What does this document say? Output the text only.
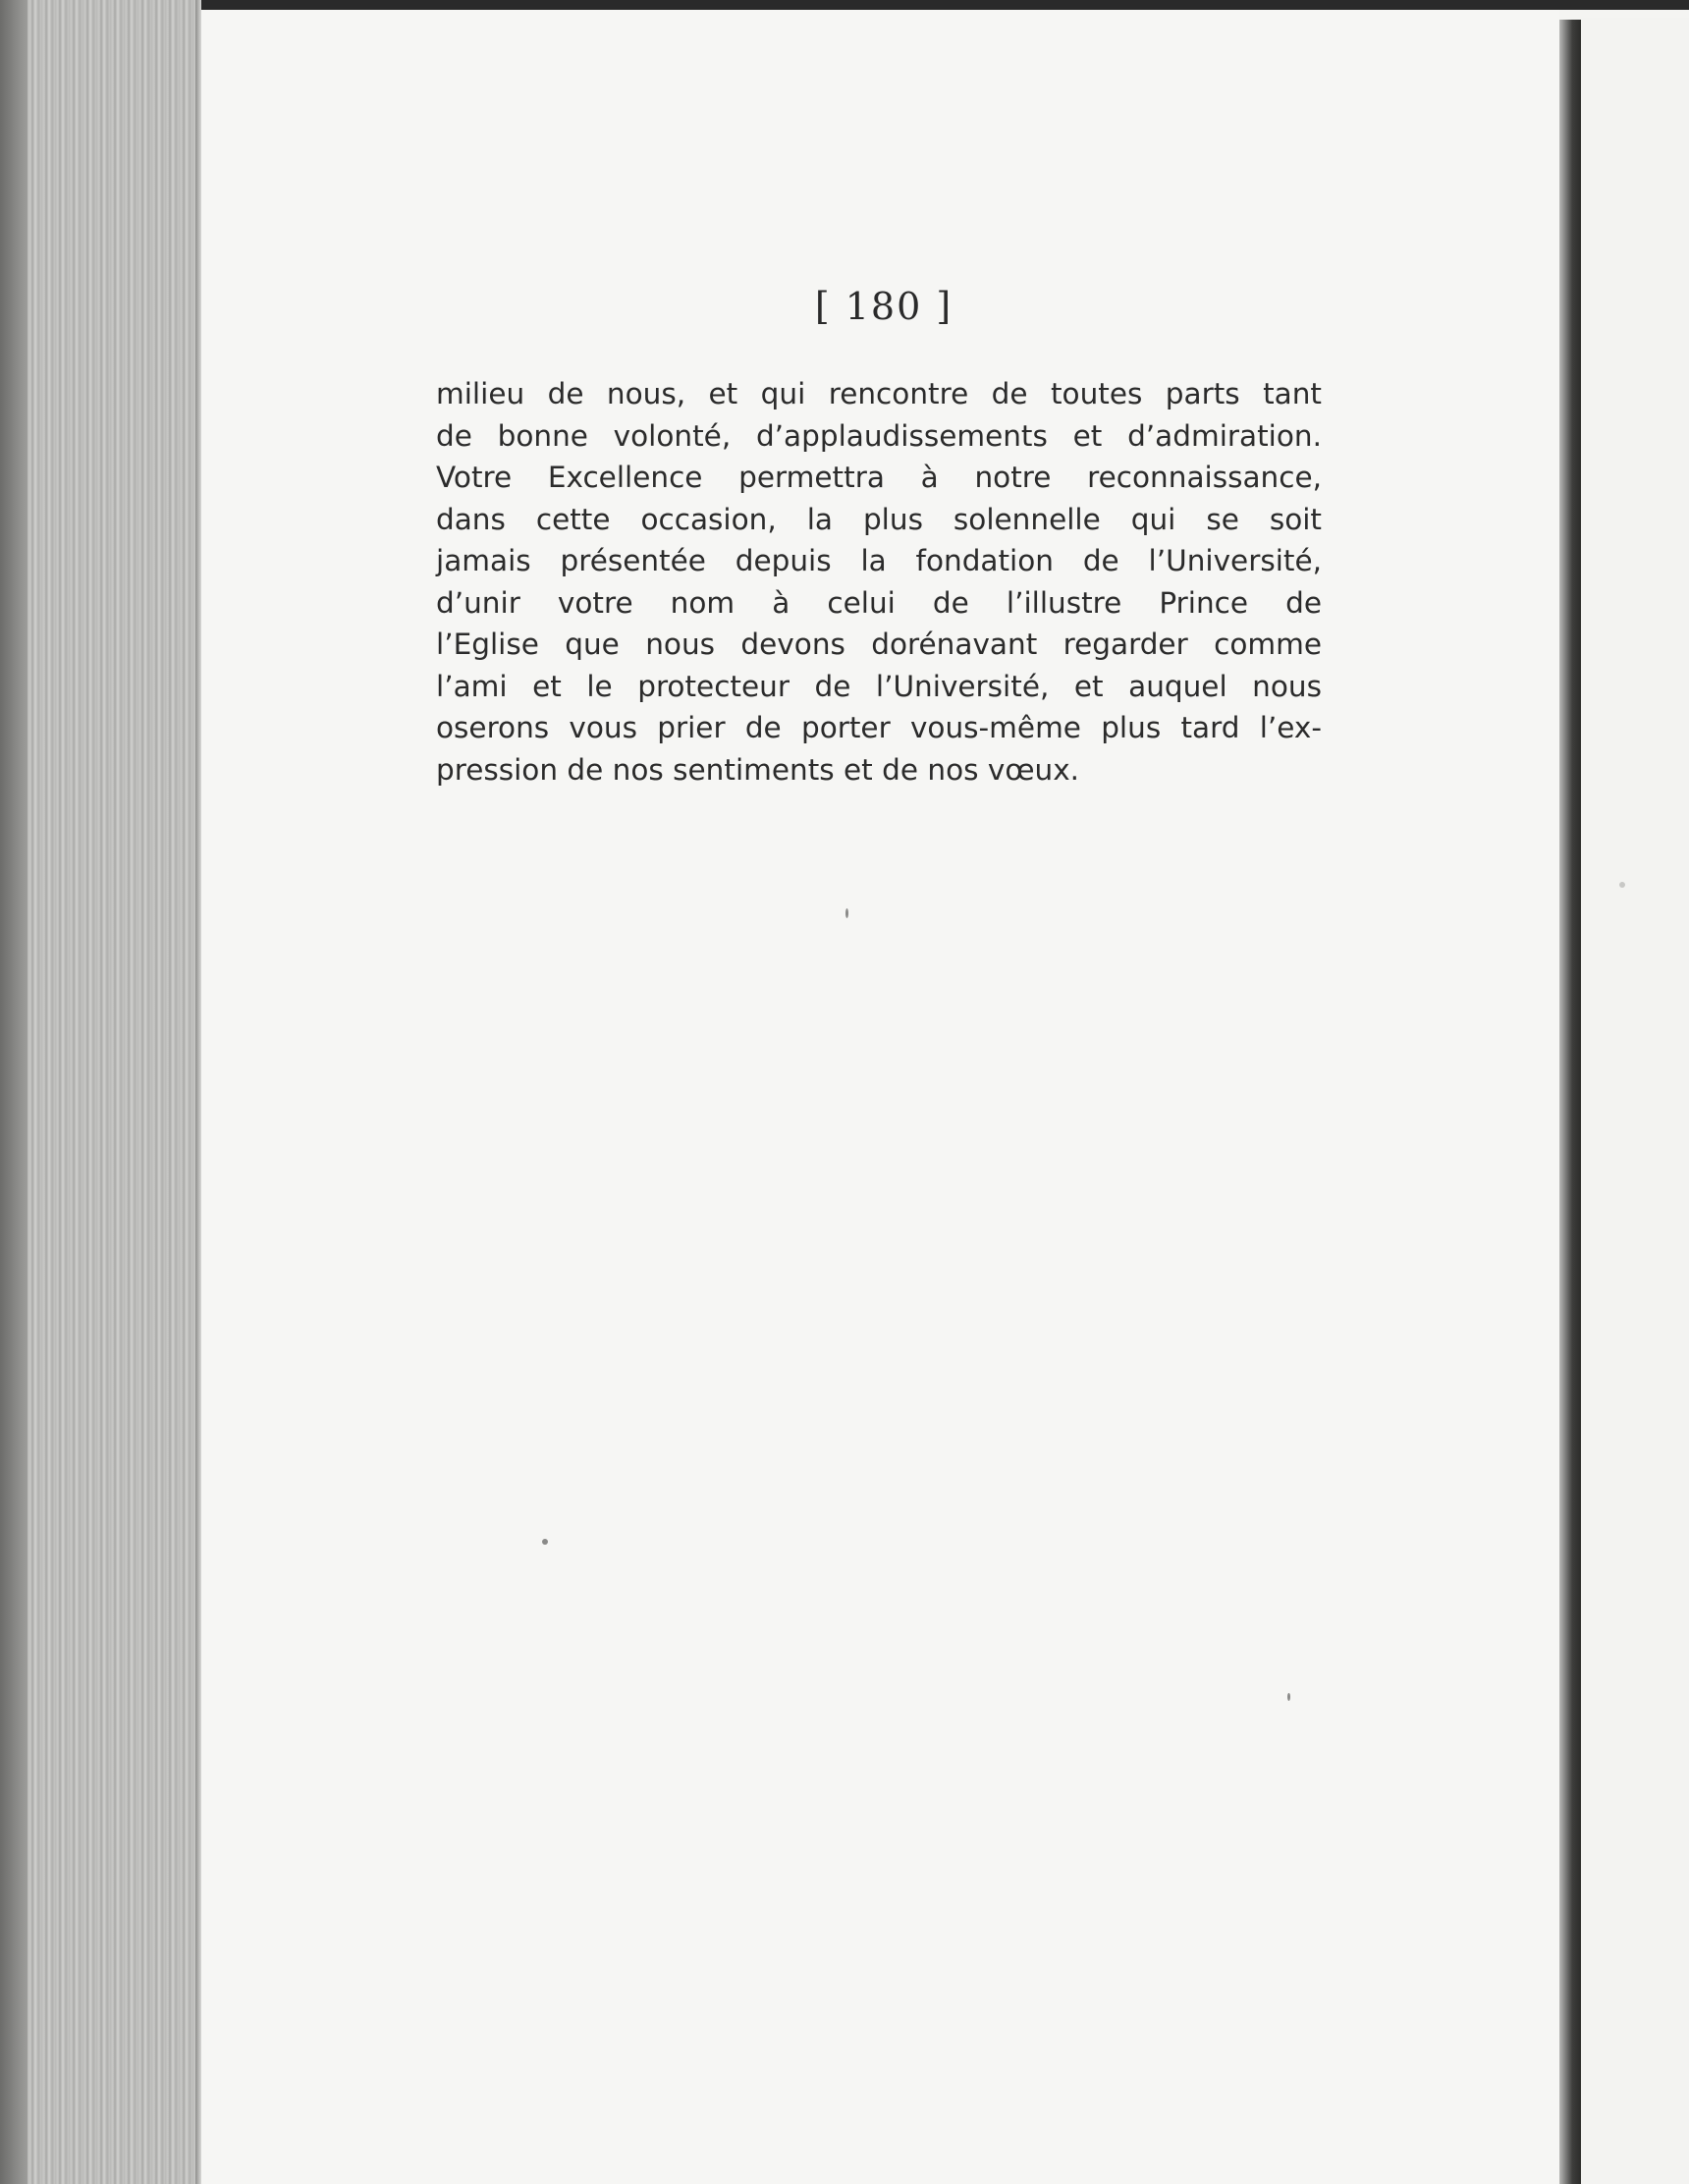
[ 180 ]
milieu de nous, et qui rencontre de toutes parts tant
de bonne volonté, d’applaudissements et d’admiration.
Votre Excellence permettra à notre reconnaissance,
dans cette occasion, la plus solennelle qui se soit
jamais présentée depuis la fondation de l’Université,
d’unir votre nom à celui de l’illustre Prince de
l’Eglise que nous devons dorénavant regarder comme
l’ami et le protecteur de l’Université, et auquel nous
oserons vous prier de porter vous-même plus tard l’ex-
pression de nos sentiments et de nos vœux.
